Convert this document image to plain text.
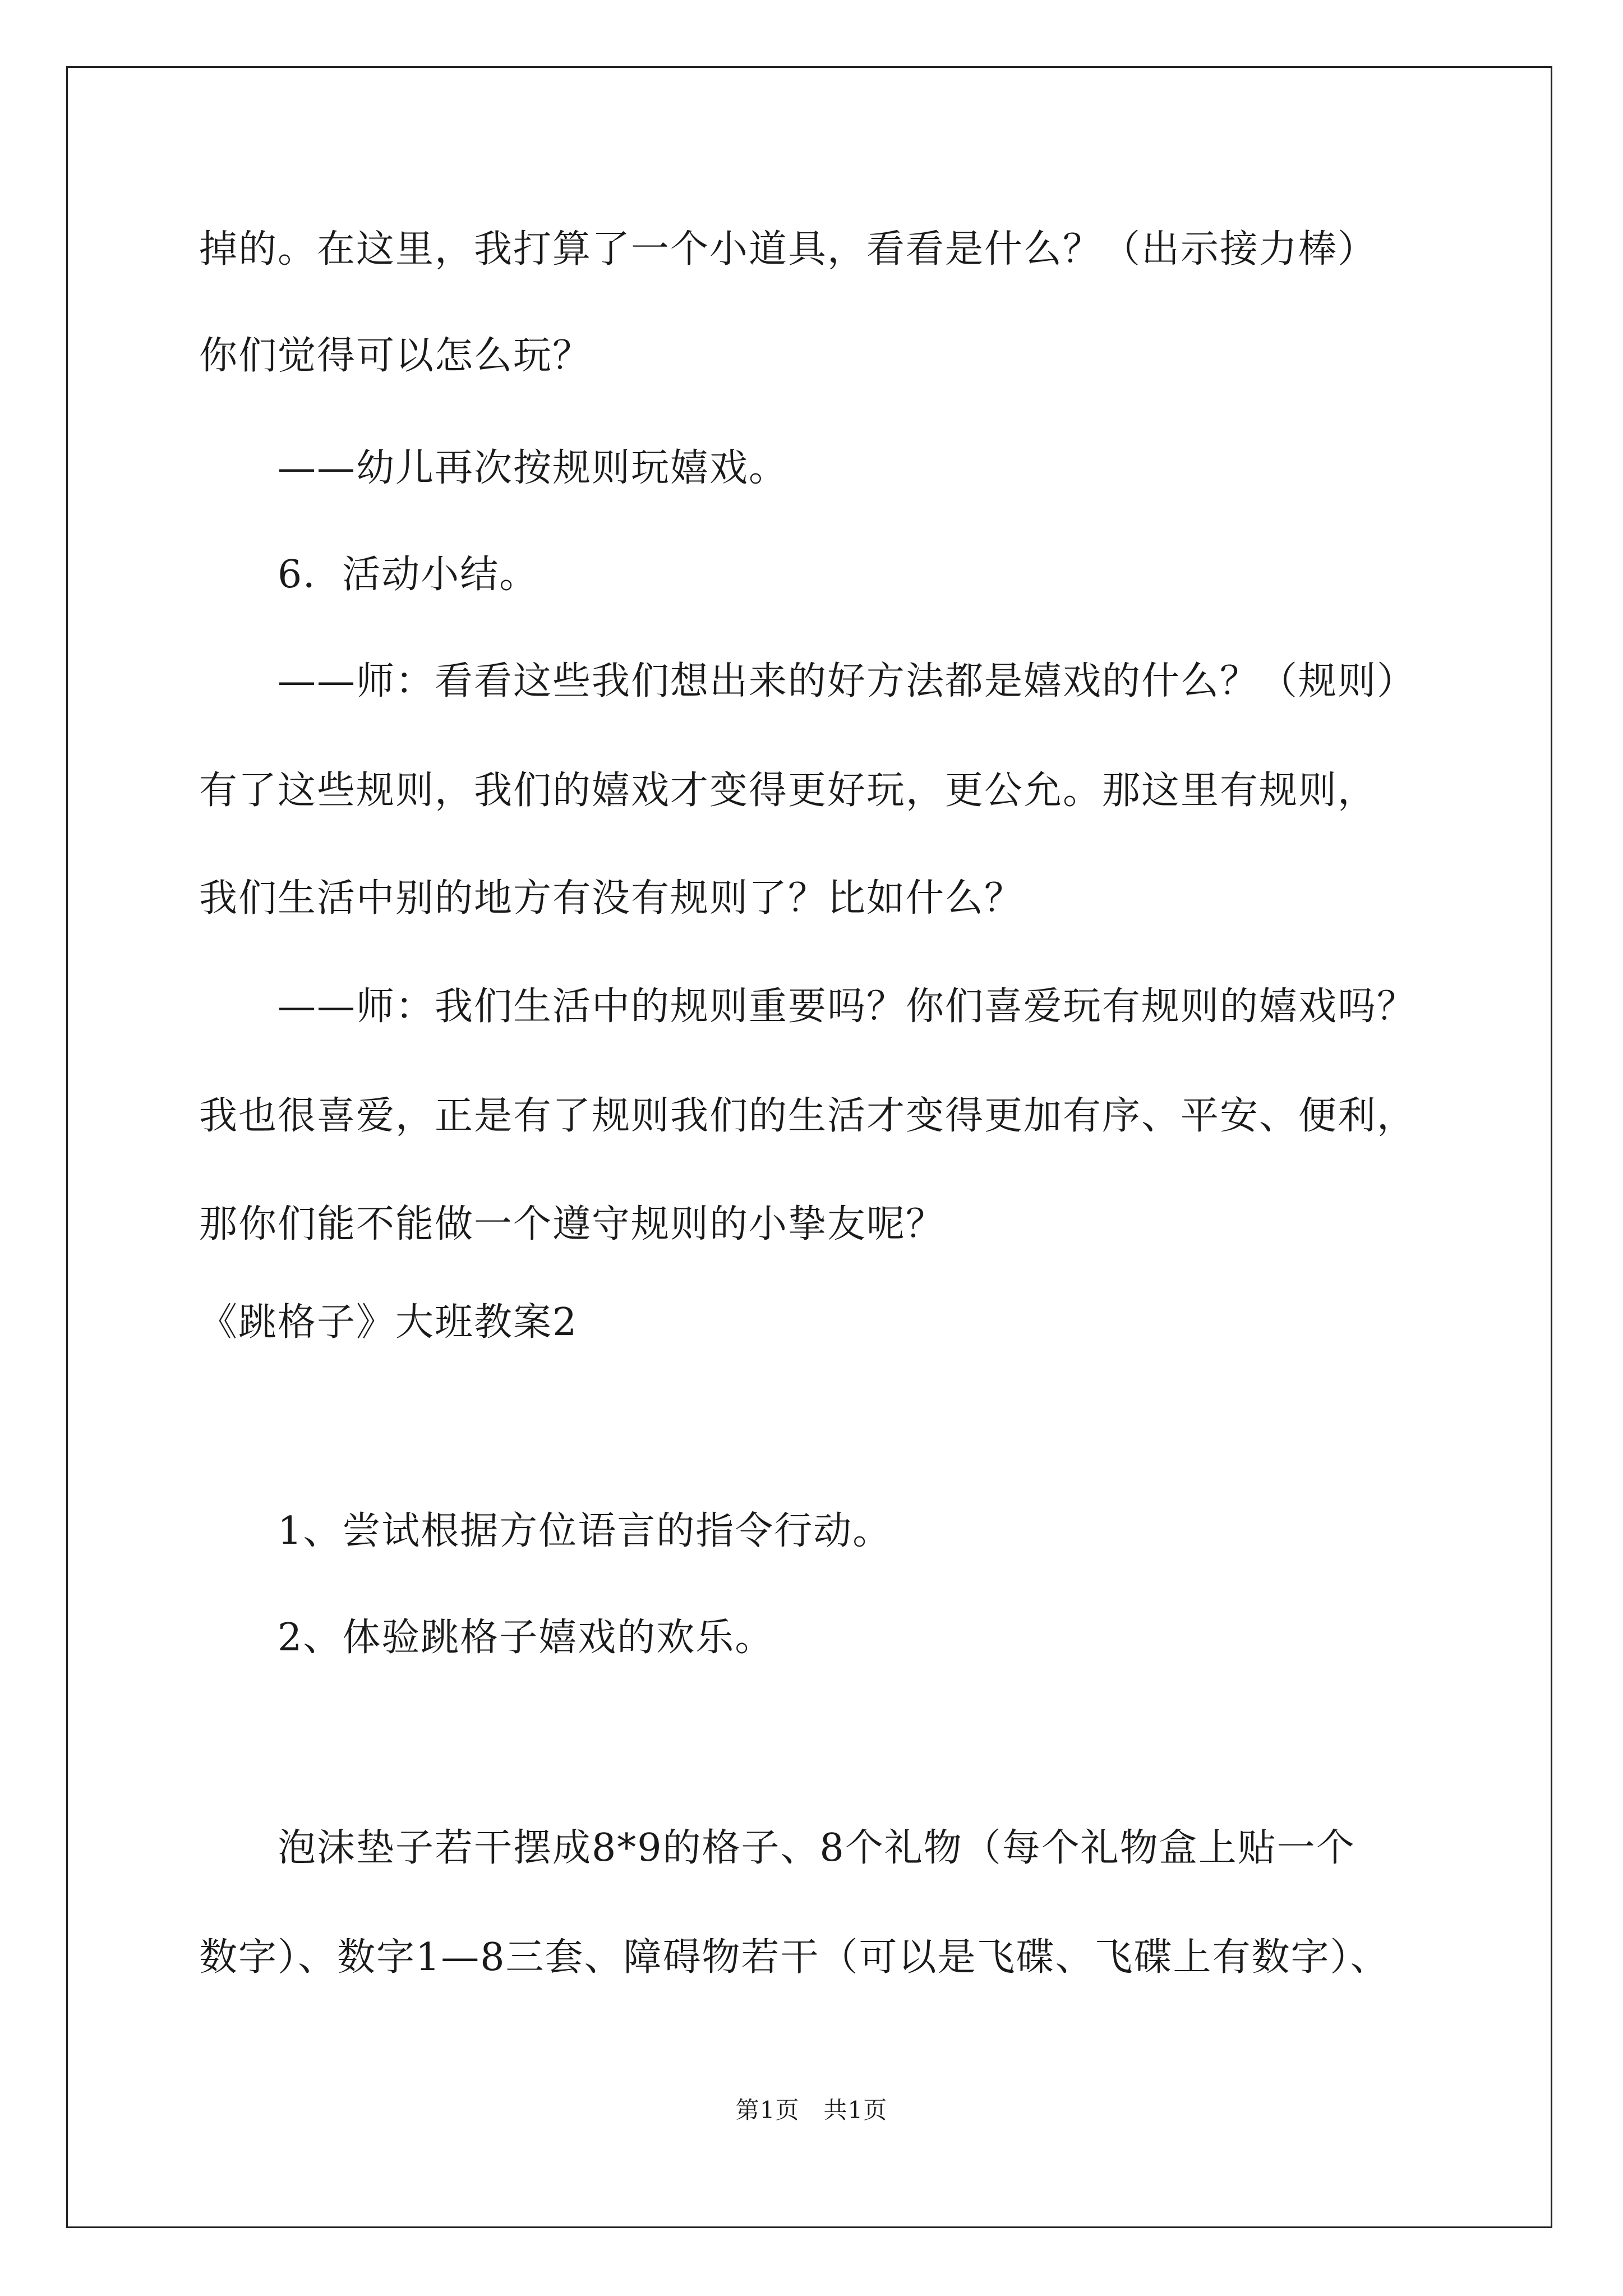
掉的。在这里，我打算了一个小道具，看看是什么？（出示接力棒）
你们觉得可以怎么玩？
——幼儿再次按规则玩嬉戏。
6．活动小结。
——师：看看这些我们想出来的好方法都是嬉戏的什么？（规则）
有了这些规则，我们的嬉戏才变得更好玩，更公允。那这里有规则，
我们生活中别的地方有没有规则了？比如什么？
——师：我们生活中的规则重要吗？你们喜爱玩有规则的嬉戏吗？
我也很喜爱，正是有了规则我们的生活才变得更加有序、平安、便利，
那你们能不能做一个遵守规则的小挚友呢？
《跳格子》大班教案2
1、尝试根据方位语言的指令行动。
2、体验跳格子嬉戏的欢乐。
泡沫垫子若干摆成8*9的格子、8个礼物（每个礼物盒上贴一个
数字）、数字1—8三套、障碍物若干（可以是飞碟、飞碟上有数字）、
第1页　共1页
